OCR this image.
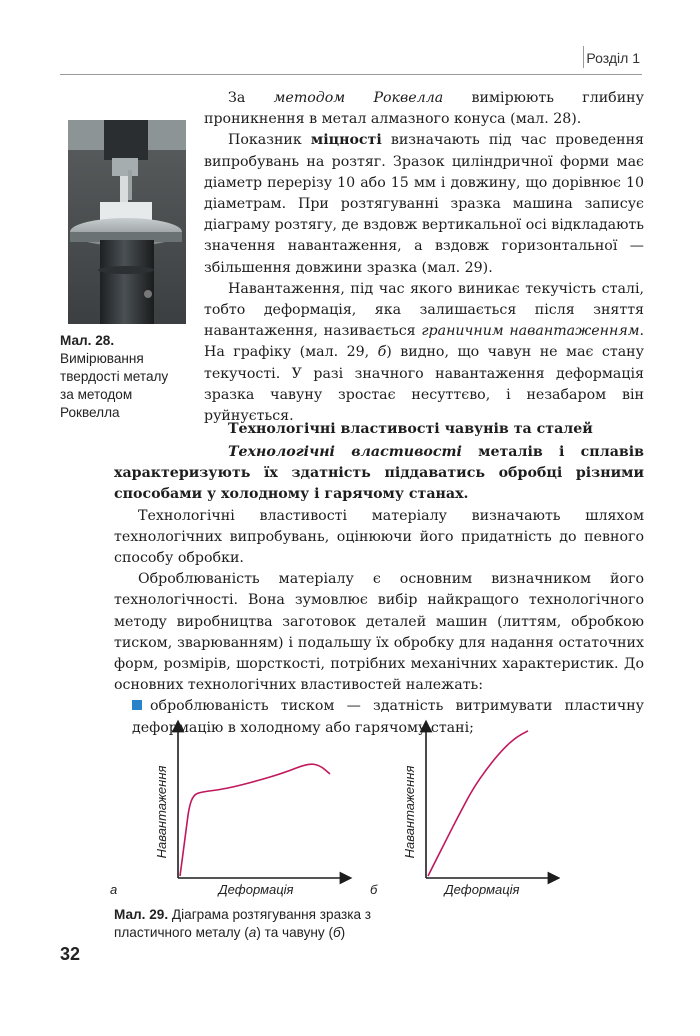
Розділ 1
Мал. 28.
Вимірювання твердості металу за методом Роквелла

За методом Роквелла вимірюють глибину проникнення в метал алмазного конуса (мал. 28).

Показник міцності визначають під час проведення випробувань на розтяг. Зразок циліндричної форми має діаметр перерізу 10 або 15 мм і довжину, що дорівнює 10 діаметрам. При розтягуванні зразка машина записує діаграму розтягу, де вздовж вертикальної осі відкладають значення навантаження, а вздовж горизонтальної — збільшення довжини зразка (мал. 29).

Навантаження, під час якого виникає текучість сталі, тобто деформація, яка залишається після зняття навантаження, називається граничним навантаженням. На графіку (мал. 29, б) видно, що чавун не має стану текучості. У разі значного навантаження деформація зразка чавуну зростає несуттєво, і незабаром він руйнується.

Технологічні властивості чавунів та сталей

Технологічні властивості металів і сплавів характеризують їх здатність піддаватись обробці різними способами у холодному і гарячому станах.

Технологічні властивості матеріалу визначають шляхом технологічних випробувань, оцінюючи його придатність до певного способу обробки.

Оброблюваність матеріалу є основним визначником його технологічності. Вона зумовлює вибір найкращого технологічного методу виробництва заготовок деталей машин (литтям, обробкою тиском, зварюванням) і подальшу їх обробку для надання остаточних форм, розмірів, шорсткості, потрібних механічних характеристик. До основних технологічних властивостей належать:

оброблюваність тиском — здатність витримувати пластичну деформацію в холодному або гарячому стані;

Навантаження
Деформація
а
Навантаження
Деформація
б
Мал. 29. Діаграма розтягування зразка з пластичного металу (а) та чавуну (б)
32
